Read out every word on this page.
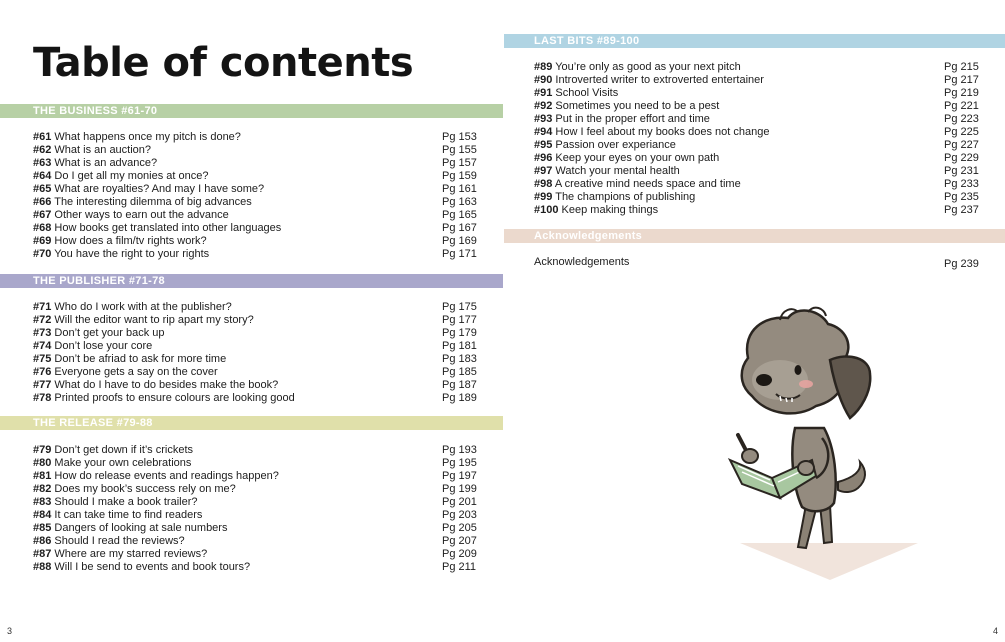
Table of contents
THE BUSINESS #61-70
#61 What happens once my pitch is done?	Pg 153
#62 What is an auction?	Pg 155
#63 What is an advance?	Pg 157
#64 Do I get all my monies at once?	Pg 159
#65 What are royalties? And may I have some?	Pg 161
#66 The interesting dilemma of big advances	Pg 163
#67 Other ways to earn out the advance	Pg 165
#68 How books get translated into other languages	Pg 167
#69 How does a film/tv rights work?	Pg 169
#70 You have the right to your rights	Pg 171
THE PUBLISHER #71-78
#71 Who do I work with at the publisher?	Pg 175
#72 Will the editor want to rip apart my story?	Pg 177
#73 Don’t get your back up	Pg 179
#74 Don’t lose your core	Pg 181
#75 Don’t be afriad to ask for more time	Pg 183
#76 Everyone gets a say on the cover	Pg 185
#77 What do I have to do besides make the book?	Pg 187
#78 Printed proofs to ensure colours are looking good	Pg 189
THE RELEASE #79-88
#79 Don’t get down if it’s crickets	Pg 193
#80 Make your own celebrations	Pg 195
#81 How do release events and readings happen?	Pg 197
#82 Does my book’s success rely on me?	Pg 199
#83 Should I make a book trailer?	Pg 201
#84 It can take time to find readers	Pg 203
#85 Dangers of looking at sale numbers	Pg 205
#86 Should I read the reviews?	Pg 207
#87 Where are my starred reviews?	Pg 209
#88 Will I be send to events and book tours?	Pg 211
3
LAST BITS #89-100
#89 You’re only as good as your next pitch	Pg 215
#90 Introverted writer to extroverted entertainer	Pg 217
#91 School Visits	Pg 219
#92 Sometimes you need to be a pest	Pg 221
#93 Put in the proper effort and time	Pg 223
#94 How I feel about my books does not change	Pg 225
#95 Passion over experiance	Pg 227
#96 Keep your eyes on your own path	Pg 229
#97 Watch your mental health	Pg 231
#98 A creative mind needs space and time	Pg 233
#99 The champions of publishing	Pg 235
#100 Keep making things	Pg 237
Acknowledgements
Acknowledgements	Pg 239
4
